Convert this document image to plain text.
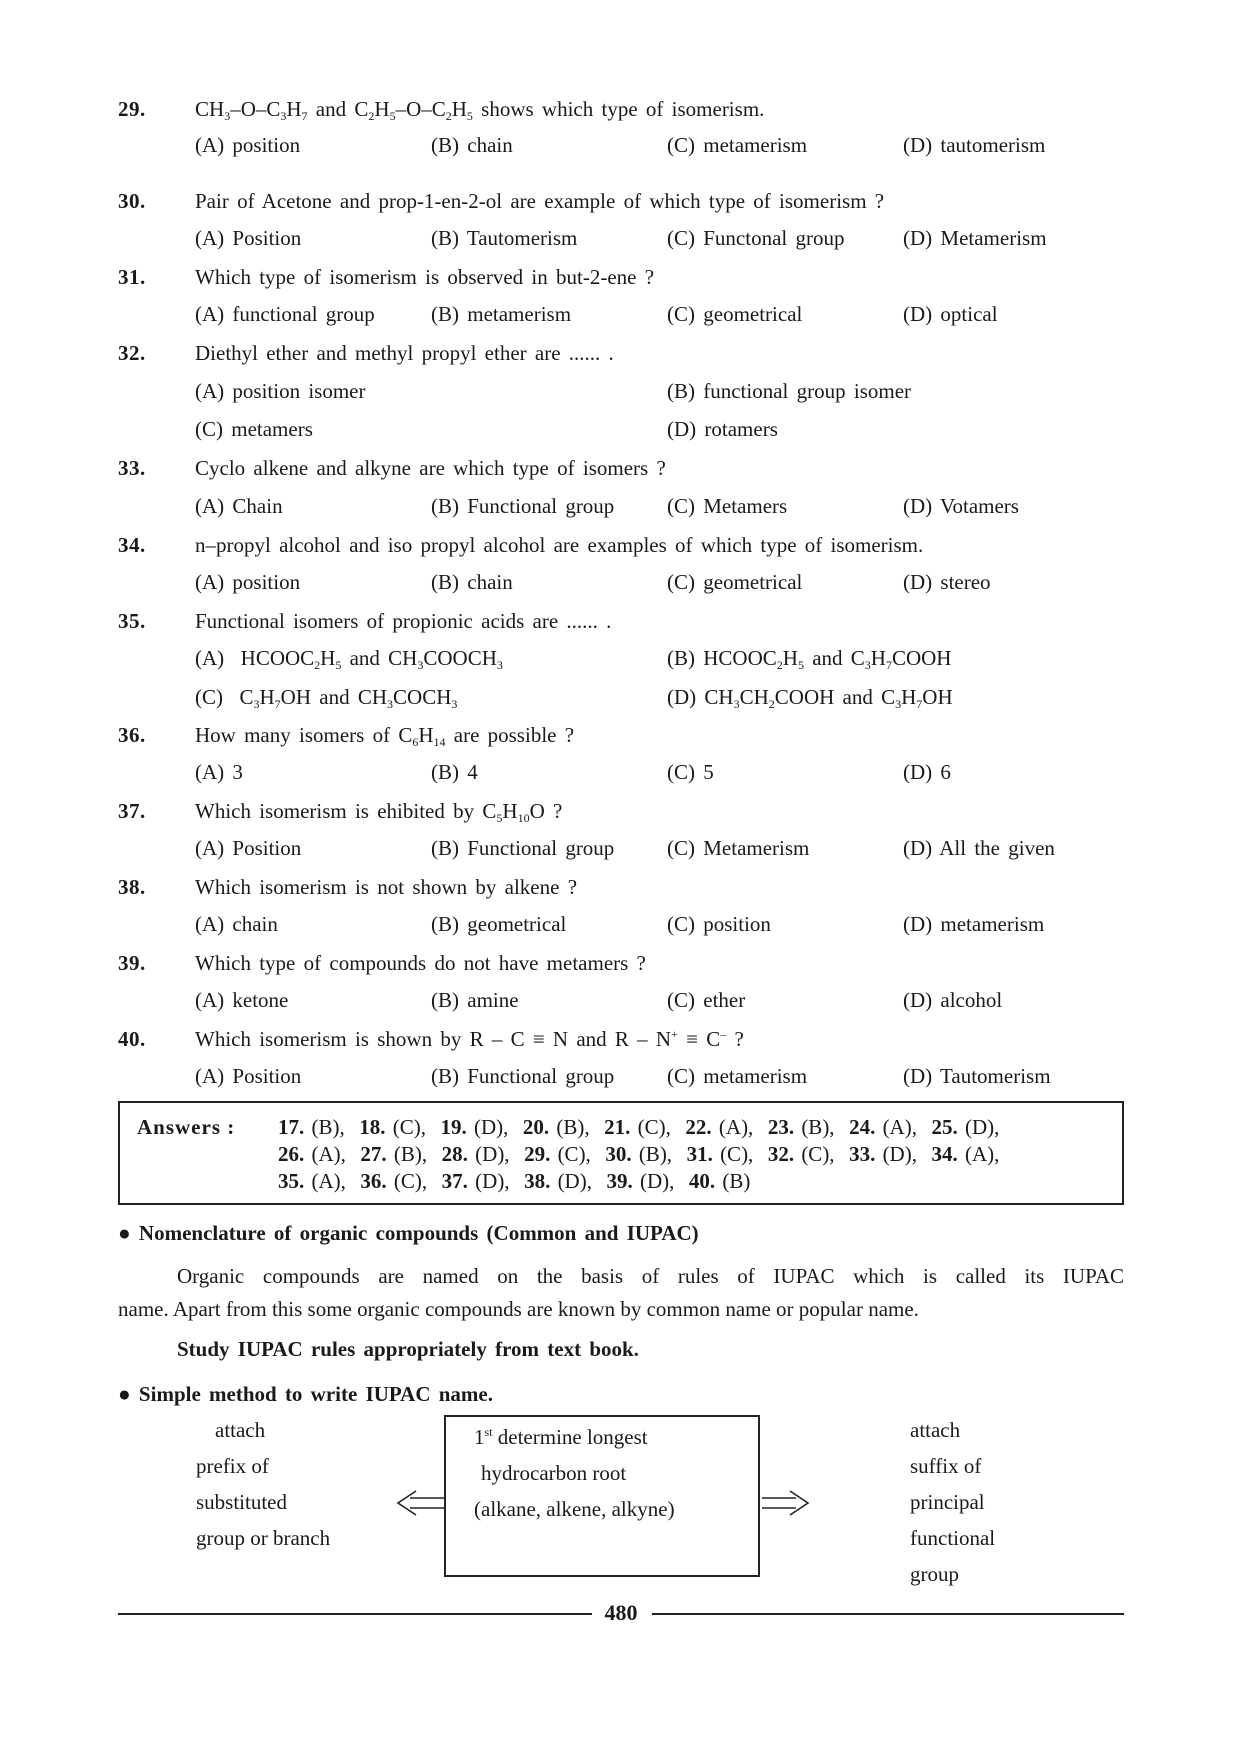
29. $CH_3-O-C_3H_7$ and $C_2H_5-O-C_2H_5$ shows which type of isomerism.
(A) position	(B) chain	(C) metamerism	(D) tautomerism
30. Pair of Acetone and prop-1-en-2-ol are example of which type of isomerism ?
(A) Position	(B) Tautomerism	(C) Functonal group	(D) Metamerism
31. Which type of isomerism is observed in but-2-ene ?
(A) functional group	(B) metamerism	(C) geometrical	(D) optical
32. Diethyl ether and methyl propyl ether are ...... .
(A) position isomer	(B) functional group isomer
(C) metamers	(D) rotamers
33. Cyclo alkene and alkyne are which type of isomers ?
(A) Chain	(B) Functional group	(C) Metamers	(D) Votamers
34. n–propyl alcohol and iso propyl alcohol are examples of which type of isomerism.
(A) position	(B) chain	(C) geometrical	(D) stereo
35. Functional isomers of propionic acids are ...... .
(A)  $HCOOC_2H_5$ and $CH_3COOCH_3$	(B) $HCOOC_2H_5$ and $C_3H_7COOH$
(C)  $C_3H_7OH$ and $CH_3COCH_3$	(D) $CH_3CH_2COOH$ and $C_3H_7OH$
36. How many isomers of $C_6H_{14}$ are possible ?
(A) 3	(B) 4	(C) 5	(D) 6
37. Which isomerism is ehibited by $C_5H_{10}O$ ?
(A) Position	(B) Functional group	(C) Metamerism	(D) All the given
38. Which isomerism is not shown by alkene ?
(A) chain	(B) geometrical	(C) position	(D) metamerism
39. Which type of compounds do not have metamers ?
(A) ketone	(B) amine	(C) ether	(D) alcohol
40. Which isomerism is shown by R – C ≡ N and R – N+ ≡ C– ?
(A) Position	(B) Functional group	(C) metamerism	(D) Tautomerism
Answers : 17. (B), 18. (C), 19. (D), 20. (B), 21. (C), 22. (A), 23. (B), 24. (A), 25. (D),
26. (A), 27. (B), 28. (D), 29. (C), 30. (B), 31. (C), 32. (C), 33. (D), 34. (A),
35. (A), 36. (C), 37. (D), 38. (D), 39. (D), 40. (B)
● Nomenclature of organic compounds (Common and IUPAC)
Organic compounds are named on the basis of rules of IUPAC which is called its IUPAC
name. Apart from this some organic compounds are known by common name or popular name.
Study IUPAC rules appropriately from text book.
● Simple method to write IUPAC name.
attach
prefix of
substituted
group or branch
1st determine longest
hydrocarbon root
(alkane, alkene, alkyne)
attach
suffix of
principal
functional
group
480
